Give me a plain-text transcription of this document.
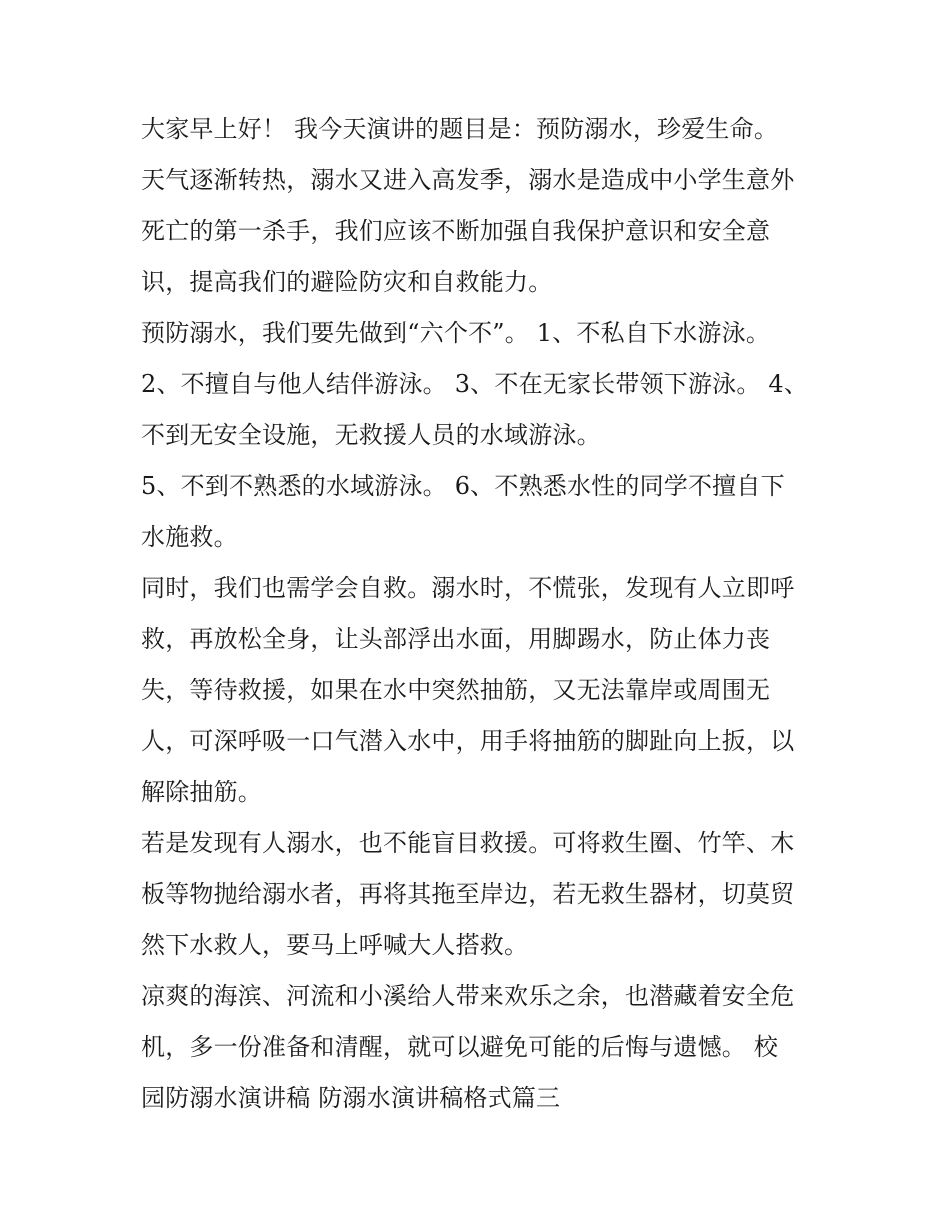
大家早上好！ 我今天演讲的题目是：预防溺水，珍爱生命。
天气逐渐转热，溺水又进入高发季，溺水是造成中小学生意外
死亡的第一杀手，我们应该不断加强自我保护意识和安全意
识，提高我们的避险防灾和自救能力。
预防溺水，我们要先做到“六个不”。 1、不私自下水游泳。
2、不擅自与他人结伴游泳。 3、不在无家长带领下游泳。 4、
不到无安全设施，无救援人员的水域游泳。
5、不到不熟悉的水域游泳。 6、不熟悉水性的同学不擅自下
水施救。
同时，我们也需学会自救。溺水时，不慌张，发现有人立即呼
救，再放松全身，让头部浮出水面，用脚踢水，防止体力丧
失，等待救援，如果在水中突然抽筋，又无法靠岸或周围无
人，可深呼吸一口气潜入水中，用手将抽筋的脚趾向上扳，以
解除抽筋。
若是发现有人溺水，也不能盲目救援。可将救生圈、竹竿、木
板等物抛给溺水者，再将其拖至岸边，若无救生器材，切莫贸
然下水救人，要马上呼喊大人搭救。
凉爽的海滨、河流和小溪给人带来欢乐之余，也潜藏着安全危
机，多一份准备和清醒，就可以避免可能的后悔与遗憾。 校
园防溺水演讲稿 防溺水演讲稿格式篇三
